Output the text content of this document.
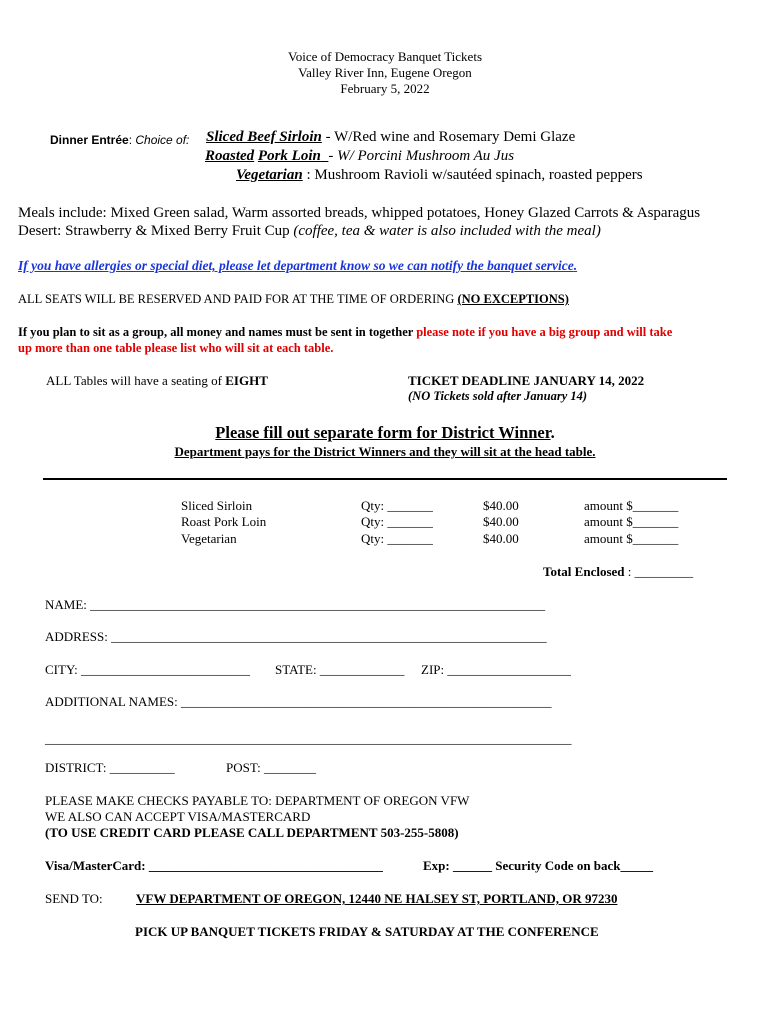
Voice of Democracy Banquet Tickets
Valley River Inn, Eugene Oregon
February 5, 2022
Dinner Entrée: Choice of: Sliced Beef Sirloin - W/Red wine and Rosemary Demi Glaze
Roasted Pork Loin - W/ Porcini Mushroom Au Jus
Vegetarian : Mushroom Ravioli w/sautéed spinach, roasted peppers
Meals include: Mixed Green salad, Warm assorted breads, whipped potatoes, Honey Glazed Carrots & Asparagus
Desert: Strawberry & Mixed Berry Fruit Cup (coffee, tea & water is also included with the meal)
If you have allergies or special diet, please let department know so we can notify the banquet service.
ALL SEATS WILL BE RESERVED AND PAID FOR AT THE TIME OF ORDERING (NO EXCEPTIONS)
If you plan to sit as a group, all money and names must be sent in together please note if you have a big group and will take
up more than one table please list who will sit at each table.
ALL Tables will have a seating of EIGHT	TICKET DEADLINE JANUARY 14, 2022
(NO Tickets sold after January 14)
Please fill out separate form for District Winner.
Department pays for the District Winners and they will sit at the head table.
Sliced Sirloin	Qty: _______	$40.00	amount $_______
Roast Pork Loin	Qty: _______	$40.00	amount $_______
Vegetarian	Qty: _______	$40.00	amount $_______
Total Enclosed : _________
NAME: ______________________________________________________________________
ADDRESS: ___________________________________________________________________
CITY: __________________________ STATE: _____________ ZIP: ___________________
ADDITIONAL NAMES: _________________________________________________________
_________________________________________________________________________________
DISTRICT: __________	POST: ________
PLEASE MAKE CHECKS PAYABLE TO: DEPARTMENT OF OREGON VFW
WE ALSO CAN ACCEPT VISA/MASTERCARD
(TO USE CREDIT CARD PLEASE CALL DEPARTMENT 503-255-5808)
Visa/MasterCard: ____________________________________	Exp: ______ Security Code on back_____
SEND TO:	VFW DEPARTMENT OF OREGON, 12440 NE HALSEY ST, PORTLAND, OR 97230
PICK UP BANQUET TICKETS FRIDAY & SATURDAY AT THE CONFERENCE
